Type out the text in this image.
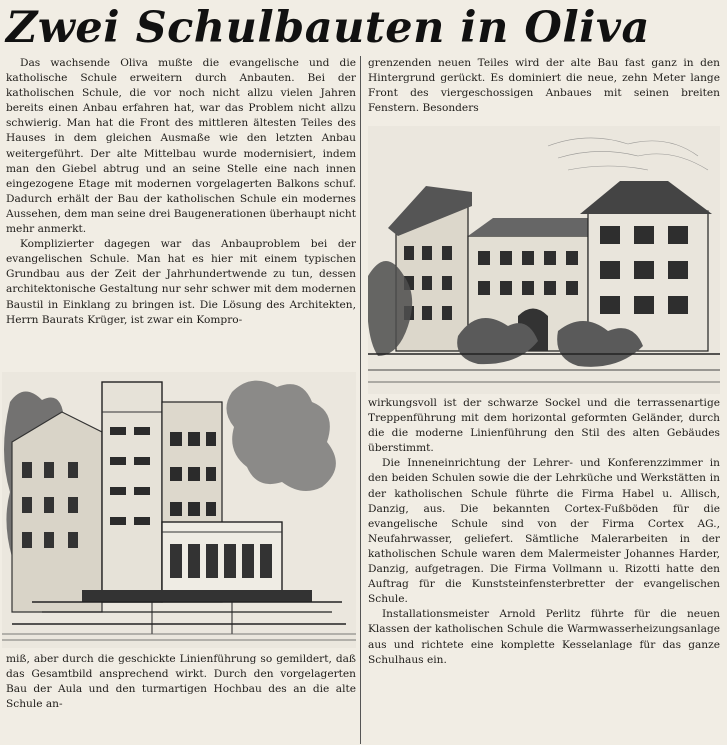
Zwei Schulbauten in Oliva

Das wachsende Oliva mußte die evangelische und die katholische Schule erweitern durch Anbauten. Bei der katholischen Schule, die vor noch nicht allzu vielen Jahren bereits einen Anbau erfahren hat, war das Problem nicht allzu schwierig. Man hat die Front des mittleren ältesten Teiles des Hauses in dem gleichen Ausmaße wie den letzten Anbau weitergeführt. Der alte Mittelbau wurde modernisiert, indem man den Giebel abtrug und an seine Stelle eine nach innen eingezogene Etage mit modernen vorgelagerten Balkons schuf. Dadurch erhält der Bau der katholischen Schule ein modernes Aussehen, dem man seine drei Baugenerationen überhaupt nicht mehr anmerkt.

Komplizierter dagegen war das Anbauproblem bei der evangelischen Schule. Man hat es hier mit einem typischen Grundbau aus der Zeit der Jahrhundertwende zu tun, dessen architektonische Gestaltung nur sehr schwer mit dem modernen Baustil in Einklang zu bringen ist. Die Lösung des Architekten, Herrn Baurats Krüger, ist zwar ein Kompro-

miß, aber durch die geschickte Linienführung so gemildert, daß das Gesamtbild ansprechend wirkt. Durch den vorgelagerten Bau der Aula und den turmartigen Hochbau des an die alte Schule an-

grenzenden neuen Teiles wird der alte Bau fast ganz in den Hintergrund gerückt. Es dominiert die neue, zehn Meter lange Front des viergeschossigen Anbaues mit seinen breiten Fenstern. Besonders

wirkungsvoll ist der schwarze Sockel und die terrassenartige Treppenführung mit dem horizontal geformten Geländer, durch die die moderne Linienführung den Stil des alten Gebäudes überstimmt.

Die Inneneinrichtung der Lehrer- und Konferenzzimmer in den beiden Schulen sowie die der Lehrküche und Werkstätten in der katholischen Schule führte die Firma Habel u. Allisch, Danzig, aus. Die bekannten Cortex-Fußböden für die evangelische Schule sind von der Firma Cortex AG., Neufahrwasser, geliefert. Sämtliche Malerarbeiten in der katholischen Schule waren dem Malermeister Johannes Harder, Danzig, aufgetragen. Die Firma Vollmann u. Rizotti hatte den Auftrag für die Kunststeinfensterbretter der evangelischen Schule.

Installationsmeister Arnold Perlitz führte für die neuen Klassen der katholischen Schule die Warmwasserheizungsanlage aus und richtete eine komplette Kesselanlage für das ganze Schulhaus ein.
